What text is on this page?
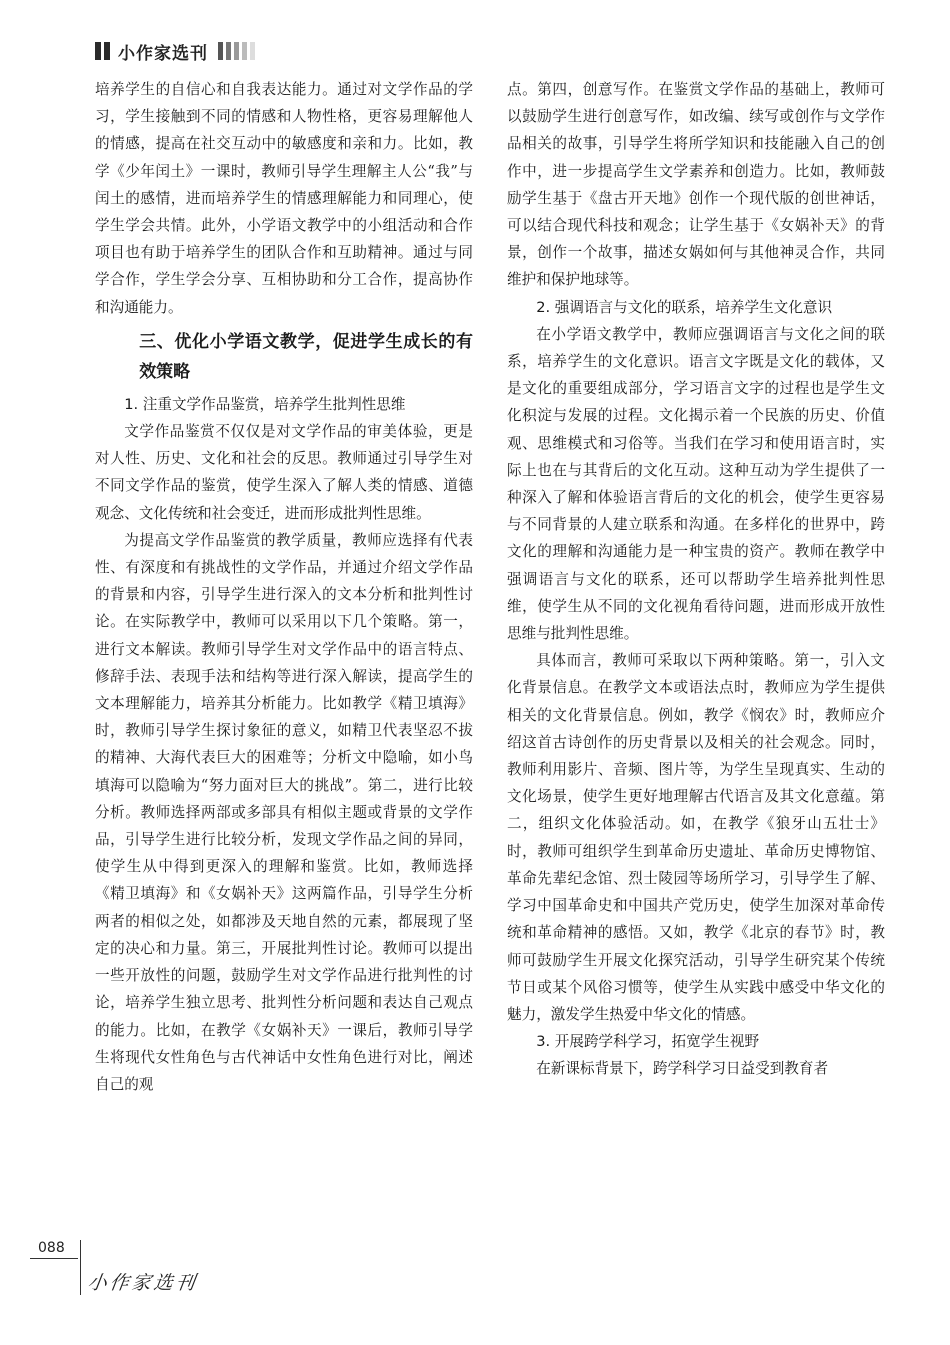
小作家选刊

培养学生的自信心和自我表达能力。通过对文学作品的学习，学生接触到不同的情感和人物性格，更容易理解他人的情感，提高在社交互动中的敏感度和亲和力。比如，教学《少年闰土》一课时，教师引导学生理解主人公“我”与闰土的感情，进而培养学生的情感理解能力和同理心，使学生学会共情。此外，小学语文教学中的小组活动和合作项目也有助于培养学生的团队合作和互助精神。通过与同学合作，学生学会分享、互相协助和分工合作，提高协作和沟通能力。

三、优化小学语文教学，促进学生成长的有效策略
1. 注重文学作品鉴赏，培养学生批判性思维

文学作品鉴赏不仅仅是对文学作品的审美体验，更是对人性、历史、文化和社会的反思。教师通过引导学生对不同文学作品的鉴赏，使学生深入了解人类的情感、道德观念、文化传统和社会变迁，进而形成批判性思维。

为提高文学作品鉴赏的教学质量，教师应选择有代表性、有深度和有挑战性的文学作品，并通过介绍文学作品的背景和内容，引导学生进行深入的文本分析和批判性讨论。在实际教学中，教师可以采用以下几个策略。第一，进行文本解读。教师引导学生对文学作品中的语言特点、修辞手法、表现手法和结构等进行深入解读，提高学生的文本理解能力，培养其分析能力。比如教学《精卫填海》时，教师引导学生探讨象征的意义，如精卫代表坚忍不拔的精神、大海代表巨大的困难等；分析文中隐喻，如小鸟填海可以隐喻为“努力面对巨大的挑战”。第二，进行比较分析。教师选择两部或多部具有相似主题或背景的文学作品，引导学生进行比较分析，发现文学作品之间的异同，使学生从中得到更深入的理解和鉴赏。比如，教师选择《精卫填海》和《女娲补天》这两篇作品，引导学生分析两者的相似之处，如都涉及天地自然的元素，都展现了坚定的决心和力量。第三，开展批判性讨论。教师可以提出一些开放性的问题，鼓励学生对文学作品进行批判性的讨论，培养学生独立思考、批判性分析问题和表达自己观点的能力。比如，在教学《女娲补天》一课后，教师引导学生将现代女性角色与古代神话中女性角色进行对比，阐述自己的观

点。第四，创意写作。在鉴赏文学作品的基础上，教师可以鼓励学生进行创意写作，如改编、续写或创作与文学作品相关的故事，引导学生将所学知识和技能融入自己的创作中，进一步提高学生文学素养和创造力。比如，教师鼓励学生基于《盘古开天地》创作一个现代版的创世神话，可以结合现代科技和观念；让学生基于《女娲补天》的背景，创作一个故事，描述女娲如何与其他神灵合作，共同维护和保护地球等。

2. 强调语言与文化的联系，培养学生文化意识

在小学语文教学中，教师应强调语言与文化之间的联系，培养学生的文化意识。语言文字既是文化的载体，又是文化的重要组成部分，学习语言文字的过程也是学生文化积淀与发展的过程。文化揭示着一个民族的历史、价值观、思维模式和习俗等。当我们在学习和使用语言时，实际上也在与其背后的文化互动。这种互动为学生提供了一种深入了解和体验语言背后的文化的机会，使学生更容易与不同背景的人建立联系和沟通。在多样化的世界中，跨文化的理解和沟通能力是一种宝贵的资产。教师在教学中强调语言与文化的联系，还可以帮助学生培养批判性思维，使学生从不同的文化视角看待问题，进而形成开放性思维与批判性思维。

具体而言，教师可采取以下两种策略。第一，引入文化背景信息。在教学文本或语法点时，教师应为学生提供相关的文化背景信息。例如，教学《悯农》时，教师应介绍这首古诗创作的历史背景以及相关的社会观念。同时，教师利用影片、音频、图片等，为学生呈现真实、生动的文化场景，使学生更好地理解古代语言及其文化意蕴。第二，组织文化体验活动。如，在教学《狼牙山五壮士》时，教师可组织学生到革命历史遗址、革命历史博物馆、革命先辈纪念馆、烈士陵园等场所学习，引导学生了解、学习中国革命史和中国共产党历史，使学生加深对革命传统和革命精神的感悟。又如，教学《北京的春节》时，教师可鼓励学生开展文化探究活动，引导学生研究某个传统节日或某个风俗习惯等，使学生从实践中感受中华文化的魅力，激发学生热爱中华文化的情感。

3. 开展跨学科学习，拓宽学生视野

在新课标背景下，跨学科学习日益受到教育者

088
小作家选刊
